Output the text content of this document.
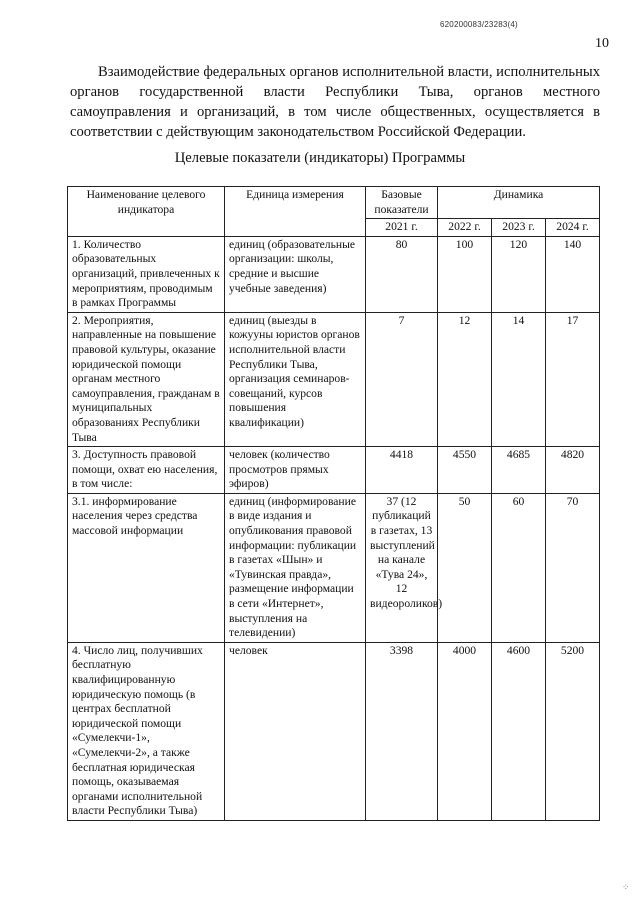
620200083/23283(4)
10

Взаимодействие федеральных органов исполнительной власти, исполнительных органов государственной власти Республики Тыва, органов местного самоуправления и организаций, в том числе общественных, осуществляется в соответствии с действующим законодательством Российской Федерации.

Целевые показатели (индикаторы) Программы

Наименование целевого индикатора	Единица измерения	Базовые показатели	Динамика		
		2021 г.	2022 г.	2023 г.	2024 г.
1. Количество образовательных организаций, привлеченных к мероприятиям, проводимым в рамках Программы	единиц (образовательные организации: школы, средние и высшие учебные заведения)	80	100	120	140
2. Мероприятия, направленные на повышение правовой культуры, оказание юридической помощи органам местного самоуправления, гражданам в муниципальных образованиях Республики Тыва	единиц (выезды в кожууны юристов органов исполнительной власти Республики Тыва, организация семинаров-совещаний, курсов повышения квалификации)	7	12	14	17
3. Доступность правовой помощи, охват ею населения, в том числе:	человек (количество просмотров прямых эфиров)	4418	4550	4685	4820
3.1. информирование населения через средства массовой информации	единиц (информирование в виде издания и опубликования правовой информации: публикации в газетах «Шын» и «Тувинская правда», размещение информации в сети «Интернет», выступления на телевидении)	37 (12 публикаций в газетах, 13 выступлений на канале «Тува 24», 12 видеороликов)	50	60	70
4. Число лиц, получивших бесплатную квалифицированную юридическую помощь (в центрах бесплатной юридической помощи «Сумелекчи-1», «Сумелекчи-2», а также бесплатная юридическая помощь, оказываемая органами исполнительной власти Республики Тыва)	человек	3398	4000	4600	5200
⁘
